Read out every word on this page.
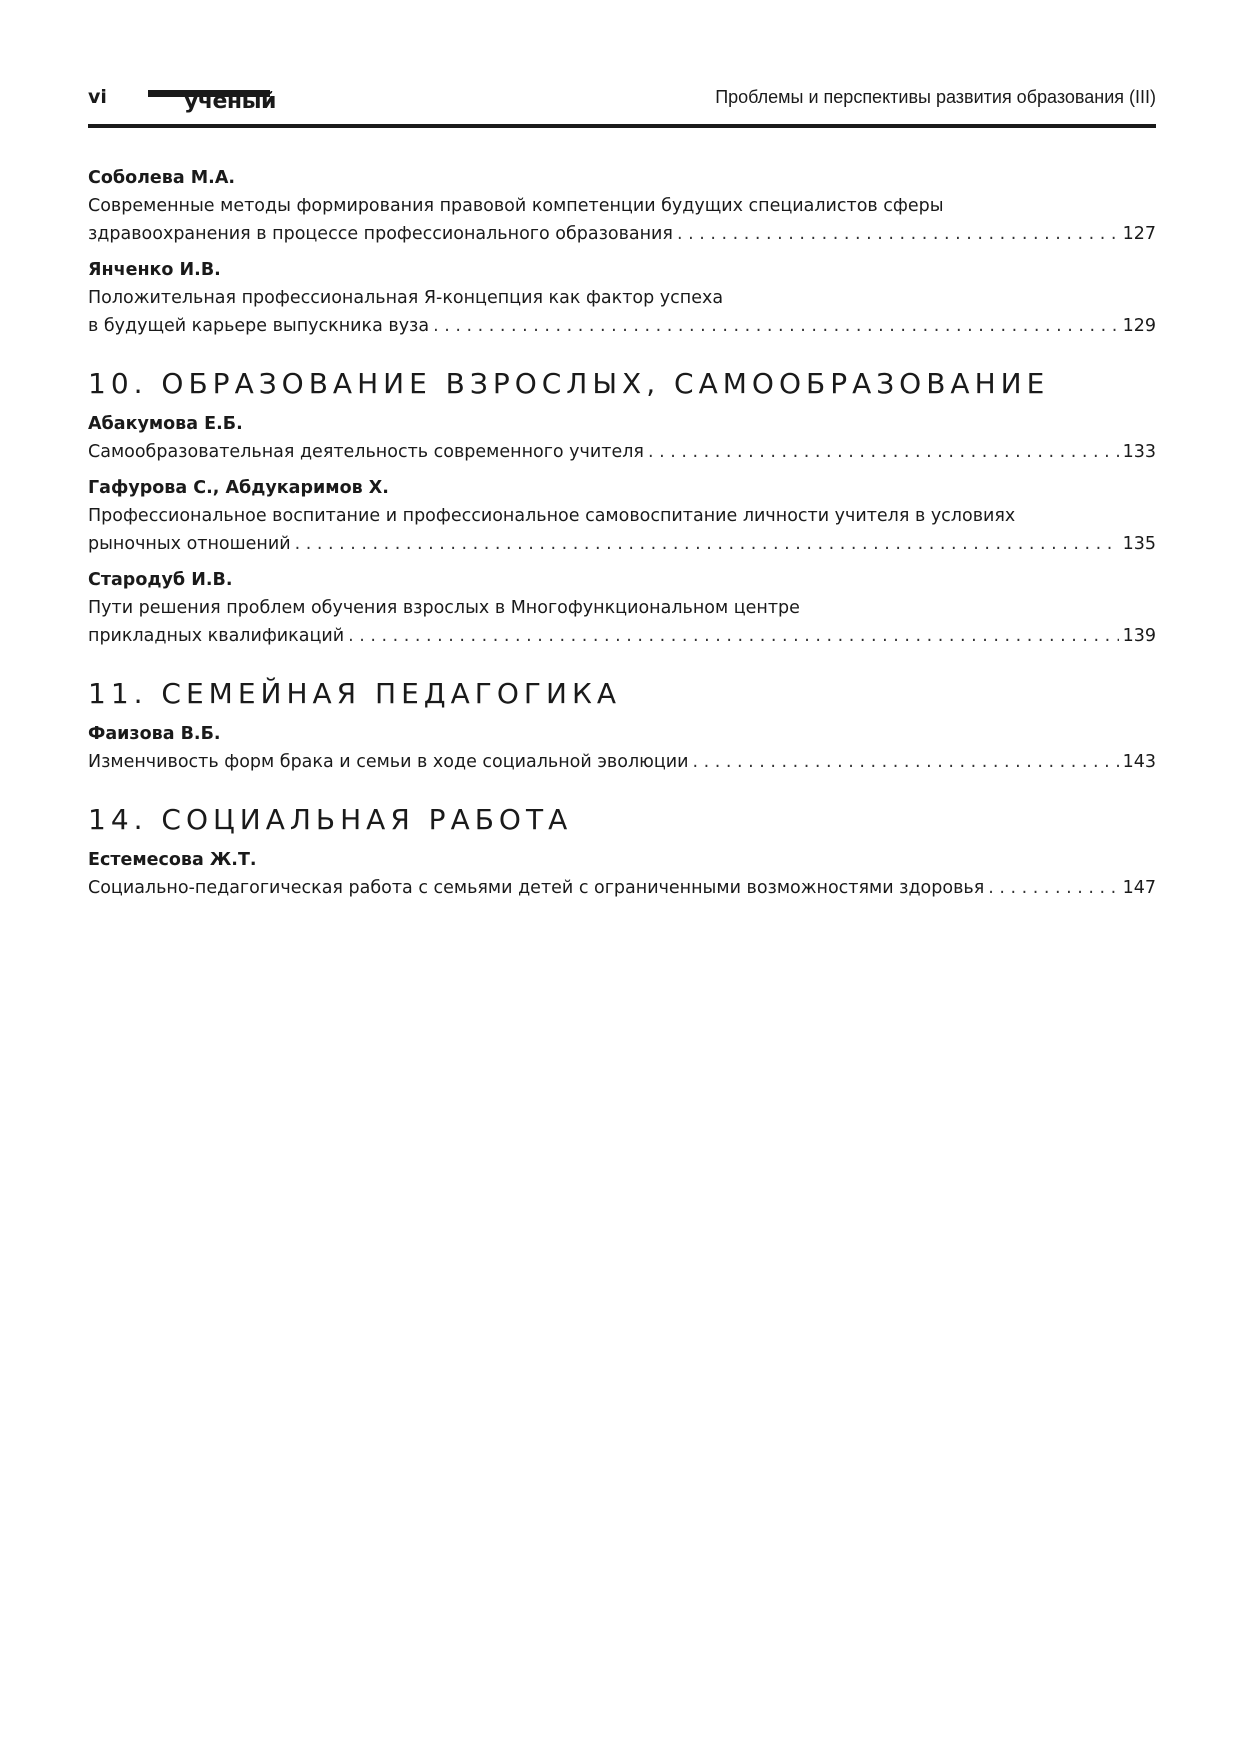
vi	учёный	Проблемы и перспективы развития образования (III)
Соболева М.А.
Современные методы формирования правовой компетенции будущих специалистов сферы
здравоохранения в процессе профессионального образования . . .	127
Янченко И.В.
Положительная профессиональная Я-концепция как фактор успеха
в будущей карьере выпускника вуза . . .	129
10. ОБРАЗОВАНИЕ ВЗРОСЛЫХ, САМООБРАЗОВАНИЕ
Абакумова Е.Б.
Самообразовательная деятельность современного учителя . . .	133
Гафурова С., Абдукаримов Х.
Профессиональное воспитание и профессиональное самовоспитание личности учителя в условиях
рыночных отношений . . .	135
Стародуб И.В.
Пути решения проблем обучения взрослых в Многофункциональном центре
прикладных квалификаций . . .	139
11. СЕМЕЙНАЯ ПЕДАГОГИКА
Фаизова В.Б.
Изменчивость форм брака и семьи в ходе социальной эволюции . . .	143
14. СОЦИАЛЬНАЯ РАБОТА
Естемесова Ж.Т.
Социально-педагогическая работа с семьями детей с ограниченными возможностями здоровья . . .	147
